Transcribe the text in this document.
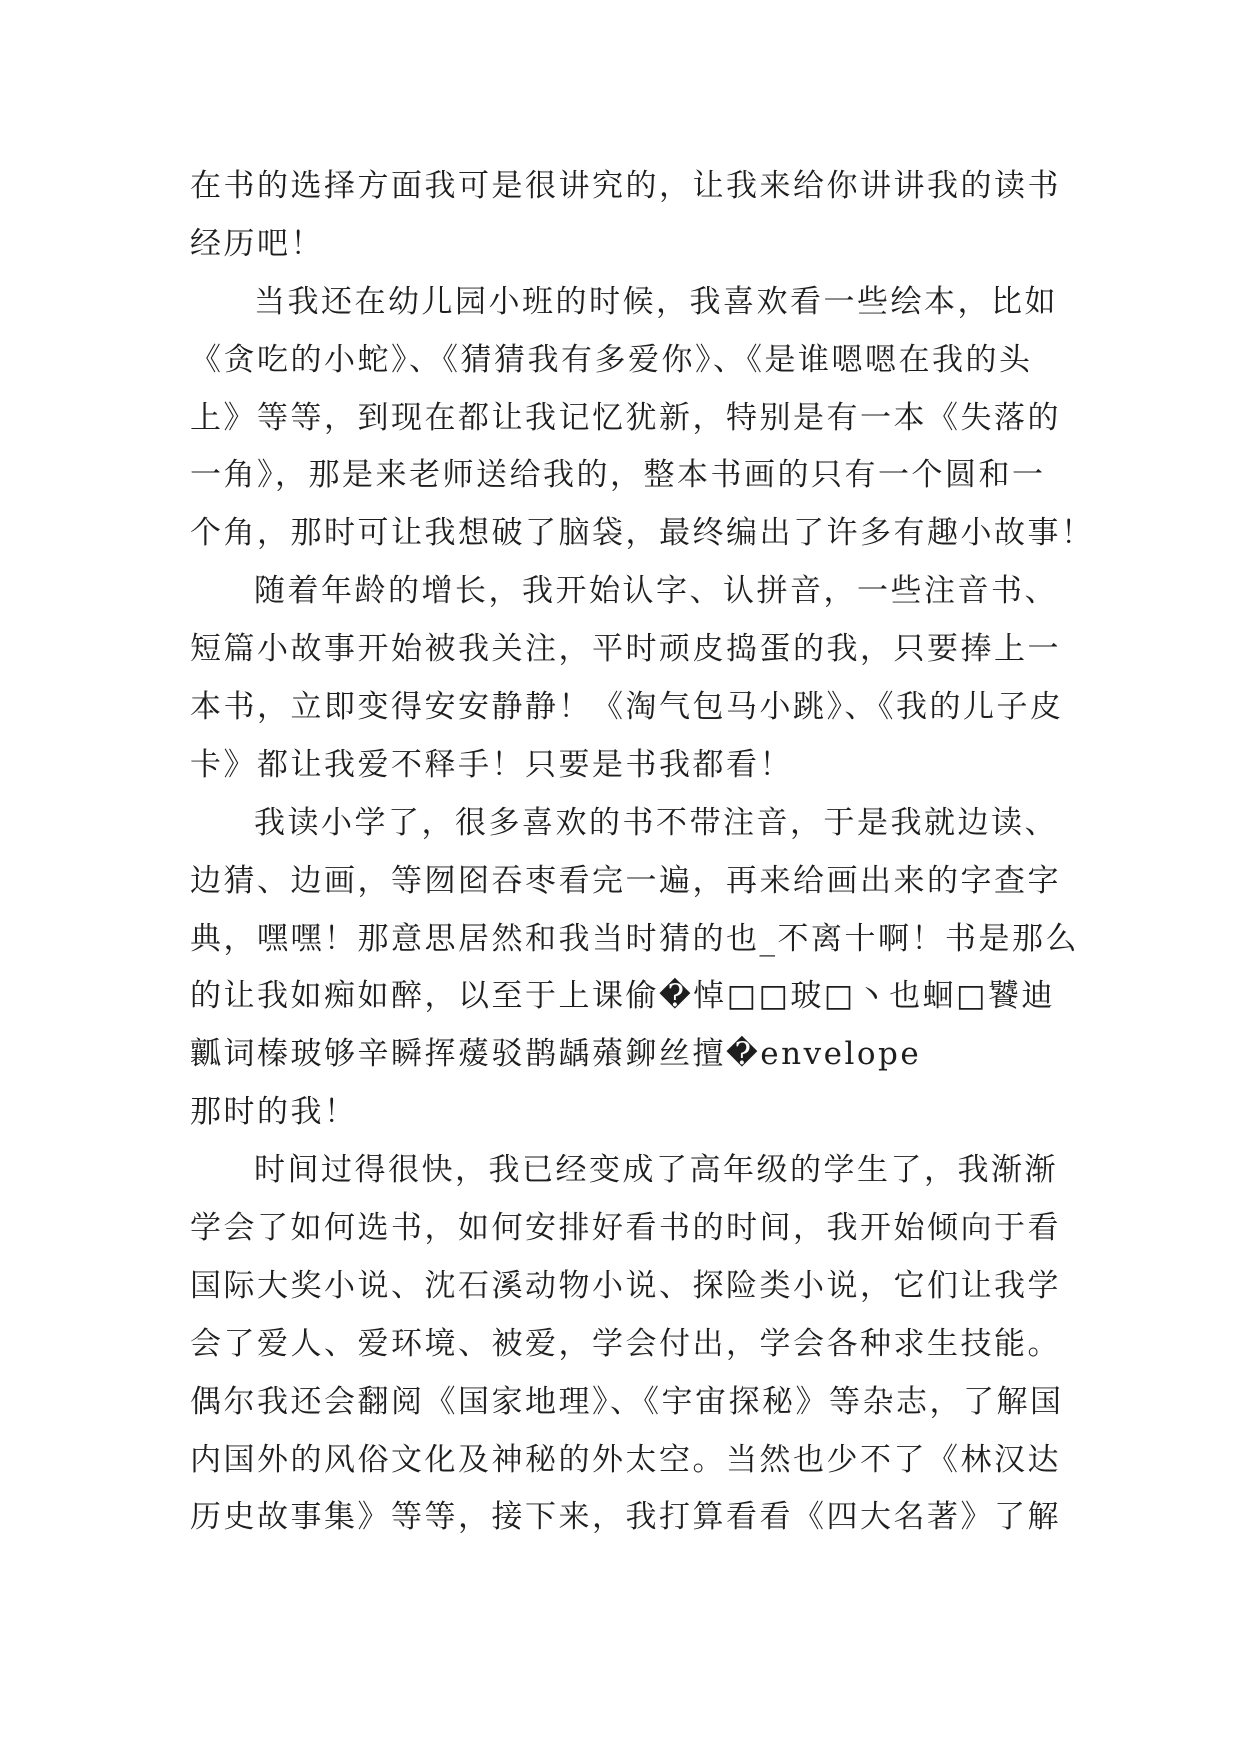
在书的选择方面我可是很讲究的，让我来给你讲讲我的读书
经历吧！
当我还在幼儿园小班的时候，我喜欢看一些绘本，比如
《贪吃的小蛇》、《猜猜我有多爱你》、《是谁嗯嗯在我的头
上》等等，到现在都让我记忆犹新，特别是有一本《失落的
一角》，那是来老师送给我的，整本书画的只有一个圆和一
个角，那时可让我想破了脑袋，最终编出了许多有趣小故事！
随着年龄的增长，我开始认字、认拼音，一些注音书、
短篇小故事开始被我关注，平时顽皮捣蛋的我，只要捧上一
本书，立即变得安安静静！《淘气包马小跳》、《我的儿子皮
卡》都让我爱不释手！只要是书我都看！
我读小学了，很多喜欢的书不带注音，于是我就边读、
边猜、边画，等囫囵吞枣看完一遍，再来给画出来的字查字
典，嘿嘿！那意思居然和我当时猜的也_不离十啊！书是那么
的让我如痴如醉，以至于上课偷�悼□□玻□丶也蛔□饕迪
瓤词榛玻够辛瞬挥蕿驳鹊龋薞鉚丝擅�envelope
那时的我！
时间过得很快，我已经变成了高年级的学生了，我渐渐
学会了如何选书，如何安排好看书的时间，我开始倾向于看
国际大奖小说、沈石溪动物小说、探险类小说，它们让我学
会了爱人、爱环境、被爱，学会付出，学会各种求生技能。
偶尔我还会翻阅《国家地理》、《宇宙探秘》等杂志，了解国
内国外的风俗文化及神秘的外太空。当然也少不了《林汉达
历史故事集》等等，接下来，我打算看看《四大名著》了解
